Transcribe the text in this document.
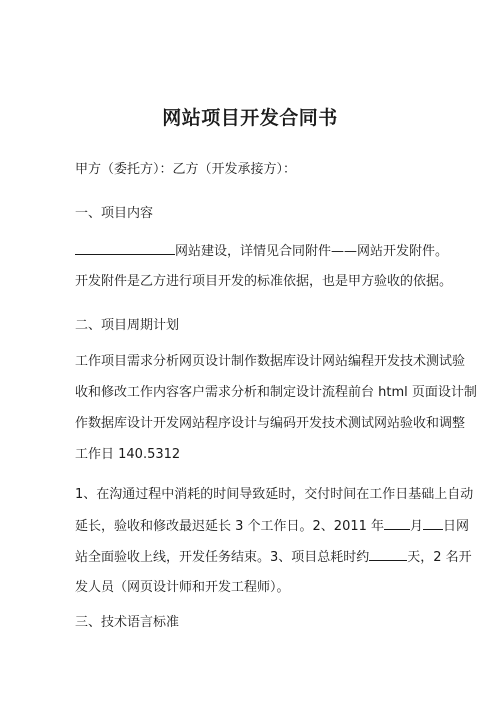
网站项目开发合同书

甲方（委托方）：乙方（开发承接方）：

一、项目内容

网站建设，详情见合同附件——网站开发附件。

开发附件是乙方进行项目开发的标准依据，也是甲方验收的依据。

二、项目周期计划

工作项目需求分析网页设计制作数据库设计网站编程开发技术测试验

收和修改工作内容客户需求分析和制定设计流程前台 html 页面设计制

作数据库设计开发网站程序设计与编码开发技术测试网站验收和调整

工作日 140.5312

1、在沟通过程中消耗的时间导致延时，交付时间在工作日基础上自动

延长，验收和修改最迟延长 3 个工作日。2、2011 年 月 日网

站全面验收上线，开发任务结束。3、项目总耗时约	天，2 名开

发人员（网页设计师和开发工程师）。

三、技术语言标准
